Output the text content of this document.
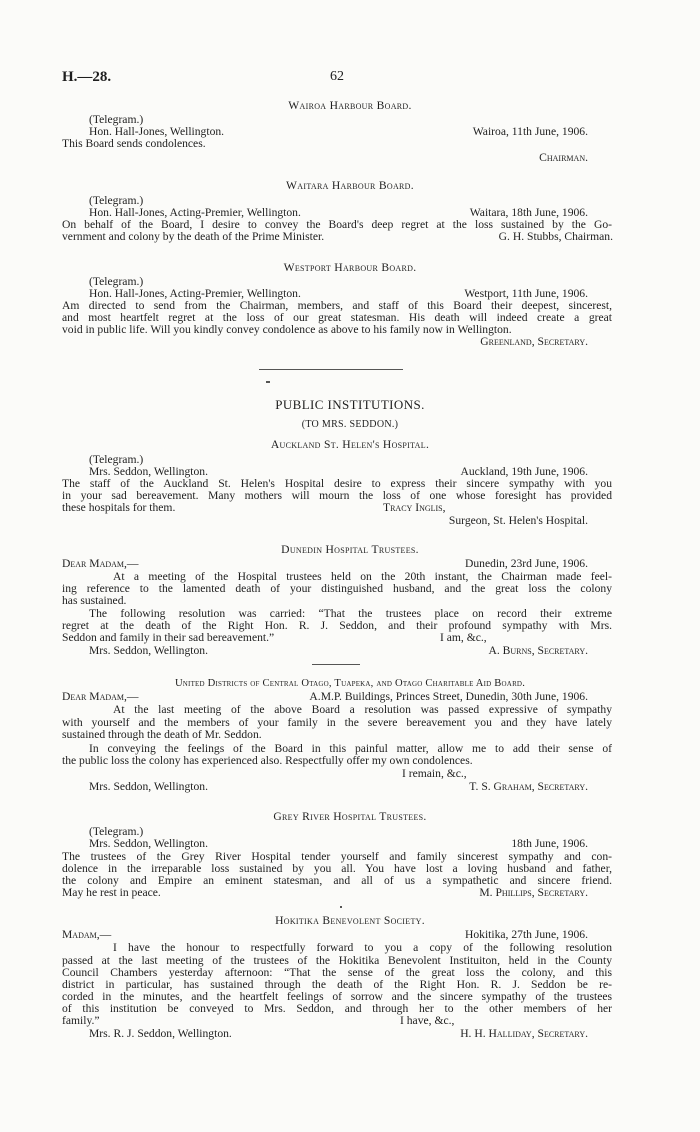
H.—28.	62
Wairoa Harbour Board.
(Telegram.)
Hon. Hall-Jones, Wellington.	Wairoa, 11th June, 1906.
This Board sends condolences.
Chairman.
Waitara Harbour Board.
(Telegram.)
Hon. Hall-Jones, Acting-Premier, Wellington.	Waitara, 18th June, 1906.
On behalf of the Board, I desire to convey the Board's deep regret at the loss sustained by the Go-
vernment and colony by the death of the Prime Minister.	G. H. Stubbs, Chairman.
Westport Harbour Board.
(Telegram.)
Hon. Hall-Jones, Acting-Premier, Wellington.	Westport, 11th June, 1906.
Am directed to send from the Chairman, members, and staff of this Board their deepest, sincerest,
and most heartfelt regret at the loss of our great statesman. His death will indeed create a great
void in public life. Will you kindly convey condolence as above to his family now in Wellington.
Greenland, Secretary.
PUBLIC INSTITUTIONS.
(TO MRS. SEDDON.)
Auckland St. Helen's Hospital.
(Telegram.)
Mrs. Seddon, Wellington.	Auckland, 19th June, 1906.
The staff of the Auckland St. Helen's Hospital desire to express their sincere sympathy with you
in your sad bereavement. Many mothers will mourn the loss of one whose foresight has provided
these hospitals for them.	Tracy Inglis,
Surgeon, St. Helen's Hospital.
Dunedin Hospital Trustees.
Dear Madam,—	Dunedin, 23rd June, 1906.
At a meeting of the Hospital trustees held on the 20th instant, the Chairman made feel-
ing reference to the lamented death of your distinguished husband, and the great loss the colony
has sustained.
The following resolution was carried: “That the trustees place on record their extreme
regret at the death of the Right Hon. R. J. Seddon, and their profound sympathy with Mrs.
Seddon and family in their sad bereavement.”	I am, &c.,
Mrs. Seddon, Wellington.	A. Burns, Secretary.
United Districts of Central Otago, Tuapeka, and Otago Charitable Aid Board.
Dear Madam,—	A.M.P. Buildings, Princes Street, Dunedin, 30th June, 1906.
At the last meeting of the above Board a resolution was passed expressive of sympathy
with yourself and the members of your family in the severe bereavement you and they have lately
sustained through the death of Mr. Seddon.
In conveying the feelings of the Board in this painful matter, allow me to add their sense of
the public loss the colony has experienced also. Respectfully offer my own condolences.
I remain, &c.,
Mrs. Seddon, Wellington.	T. S. Graham, Secretary.
Grey River Hospital Trustees.
(Telegram.)
Mrs. Seddon, Wellington.	18th June, 1906.
The trustees of the Grey River Hospital tender yourself and family sincerest sympathy and con-
dolence in the irreparable loss sustained by you all. You have lost a loving husband and father,
the colony and Empire an eminent statesman, and all of us a sympathetic and sincere friend.
May he rest in peace.	M. Phillips, Secretary.
Hokitika Benevolent Society.
Madam,—	Hokitika, 27th June, 1906.
I have the honour to respectfully forward to you a copy of the following resolution
passed at the last meeting of the trustees of the Hokitika Benevolent Instituiton, held in the County
Council Chambers yesterday afternoon: “That the sense of the great loss the colony, and this
district in particular, has sustained through the death of the Right Hon. R. J. Seddon be re-
corded in the minutes, and the heartfelt feelings of sorrow and the sincere sympathy of the trustees
of this institution be conveyed to Mrs. Seddon, and through her to the other members of her
family.”	I have, &c.,
Mrs. R. J. Seddon, Wellington.	H. H. Halliday, Secretary.
